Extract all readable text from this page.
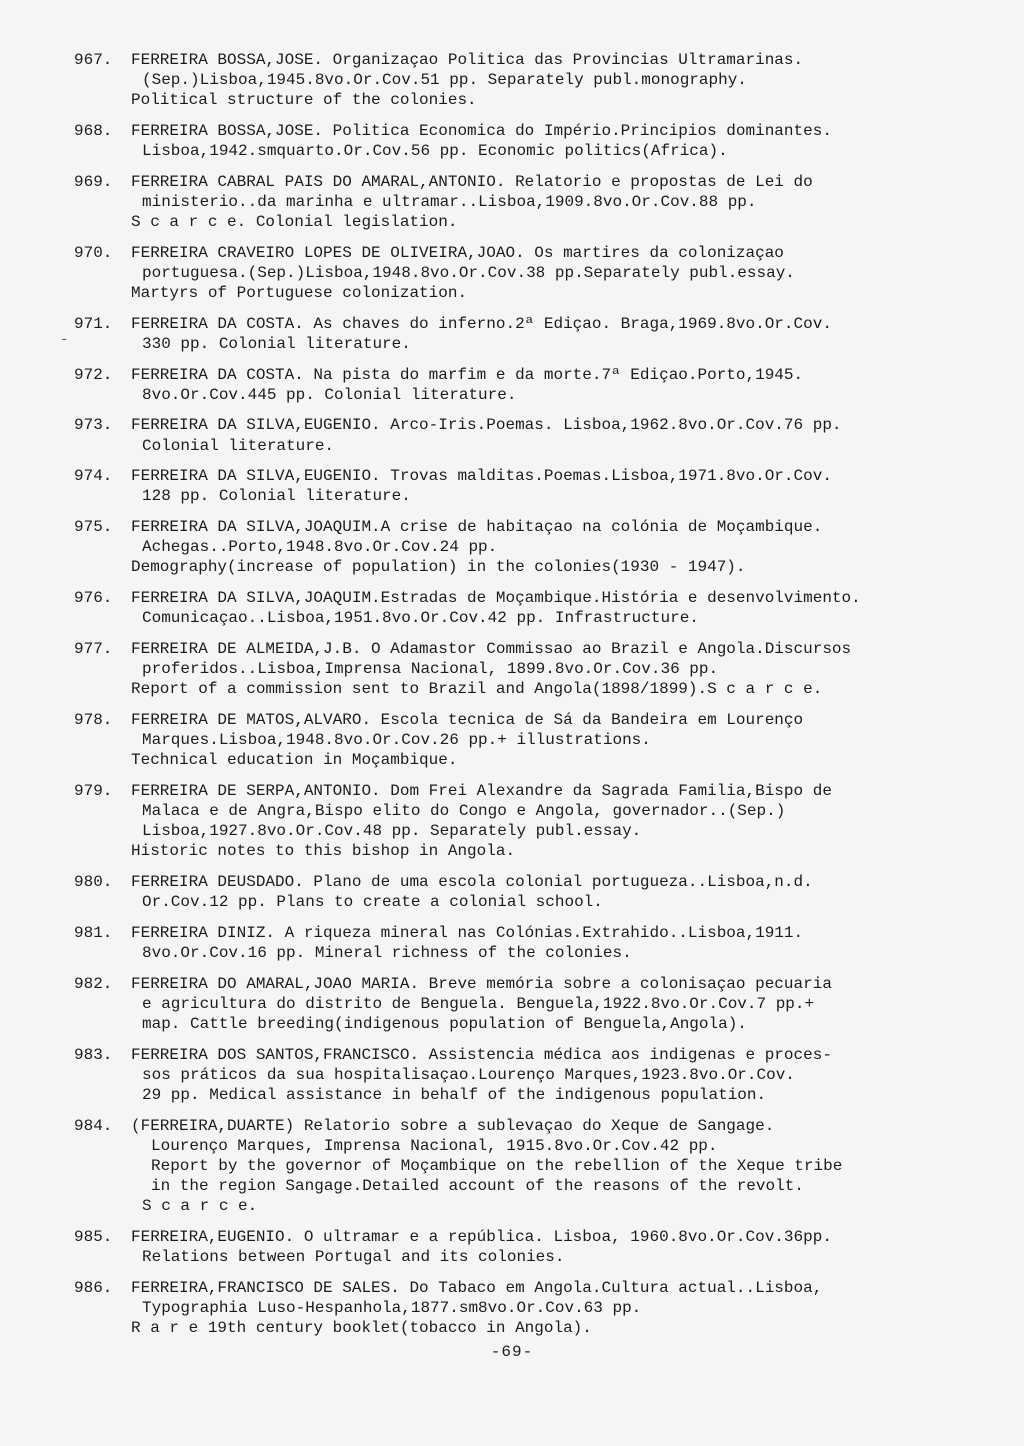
-
967.	FERREIRA BOSSA,JOSE. Organizaçao Politica das Provincias Ultramarinas.
(Sep.)Lisboa,1945.8vo.Or.Cov.51 pp. Separately publ.monography.
Political structure of the colonies.
968.	FERREIRA BOSSA,JOSE. Politica Economica do Império.Principios dominantes.
Lisboa,1942.smquarto.Or.Cov.56 pp. Economic politics(Africa).
969.	FERREIRA CABRAL PAIS DO AMARAL,ANTONIO. Relatorio e propostas de Lei do
ministerio..da marinha e ultramar..Lisboa,1909.8vo.Or.Cov.88 pp.
S c a r c e. Colonial legislation.
970.	FERREIRA CRAVEIRO LOPES DE OLIVEIRA,JOAO. Os martires da colonizaçao
portuguesa.(Sep.)Lisboa,1948.8vo.Or.Cov.38 pp.Separately publ.essay.
Martyrs of Portuguese colonization.
971.	FERREIRA DA COSTA. As chaves do inferno.2ª Ediçao. Braga,1969.8vo.Or.Cov.
330 pp. Colonial literature.
972.	FERREIRA DA COSTA. Na pista do marfim e da morte.7ª Ediçao.Porto,1945.
8vo.Or.Cov.445 pp. Colonial literature.
973.	FERREIRA DA SILVA,EUGENIO. Arco-Iris.Poemas. Lisboa,1962.8vo.Or.Cov.76 pp.
Colonial literature.
974.	FERREIRA DA SILVA,EUGENIO. Trovas malditas.Poemas.Lisboa,1971.8vo.Or.Cov.
128 pp. Colonial literature.
975.	FERREIRA DA SILVA,JOAQUIM.A crise de habitaçao na colónia de Moçambique.
Achegas..Porto,1948.8vo.Or.Cov.24 pp.
Demography(increase of population) in the colonies(1930 - 1947).
976.	FERREIRA DA SILVA,JOAQUIM.Estradas de Moçambique.História e desenvolvimento.
Comunicaçao..Lisboa,1951.8vo.Or.Cov.42 pp. Infrastructure.
977.	FERREIRA DE ALMEIDA,J.B. O Adamastor Commissao ao Brazil e Angola.Discursos
proferidos..Lisboa,Imprensa Nacional, 1899.8vo.Or.Cov.36 pp.
Report of a commission sent to Brazil and Angola(1898/1899).S c a r c e.
978.	FERREIRA DE MATOS,ALVARO. Escola tecnica de Sá da Bandeira em Lourenço
Marques.Lisboa,1948.8vo.Or.Cov.26 pp.+ illustrations.
Technical education in Moçambique.
979.	FERREIRA DE SERPA,ANTONIO. Dom Frei Alexandre da Sagrada Familia,Bispo de
Malaca e de Angra,Bispo elito do Congo e Angola, governador..(Sep.)
Lisboa,1927.8vo.Or.Cov.48 pp. Separately publ.essay.
Historic notes to this bishop in Angola.
980.	FERREIRA DEUSDADO. Plano de uma escola colonial portugueza..Lisboa,n.d.
Or.Cov.12 pp. Plans to create a colonial school.
981.	FERREIRA DINIZ. A riqueza mineral nas Colónias.Extrahido..Lisboa,1911.
8vo.Or.Cov.16 pp. Mineral richness of the colonies.
982.	FERREIRA DO AMARAL,JOAO MARIA. Breve memória sobre a colonisaçao pecuaria
e agricultura do distrito de Benguela. Benguela,1922.8vo.Or.Cov.7 pp.+
map. Cattle breeding(indigenous population of Benguela,Angola).
983.	FERREIRA DOS SANTOS,FRANCISCO. Assistencia médica aos indigenas e proces-
sos práticos da sua hospitalisaçao.Lourenço Marques,1923.8vo.Or.Cov.
29 pp. Medical assistance in behalf of the indigenous population.
984.	(FERREIRA,DUARTE) Relatorio sobre a sublevaçao do Xeque de Sangage.
Lourenço Marques, Imprensa Nacional, 1915.8vo.Or.Cov.42 pp.
Report by the governor of Moçambique on the rebellion of the Xeque tribe
in the region Sangage.Detailed account of the reasons of the revolt.
S c a r c e.
985.	FERREIRA,EUGENIO. O ultramar e a república. Lisboa, 1960.8vo.Or.Cov.36pp.
Relations between Portugal and its colonies.
986.	FERREIRA,FRANCISCO DE SALES. Do Tabaco em Angola.Cultura actual..Lisboa,
Typographia Luso-Hespanhola,1877.sm8vo.Or.Cov.63 pp.
R a r e 19th century booklet(tobacco in Angola).
-69-
